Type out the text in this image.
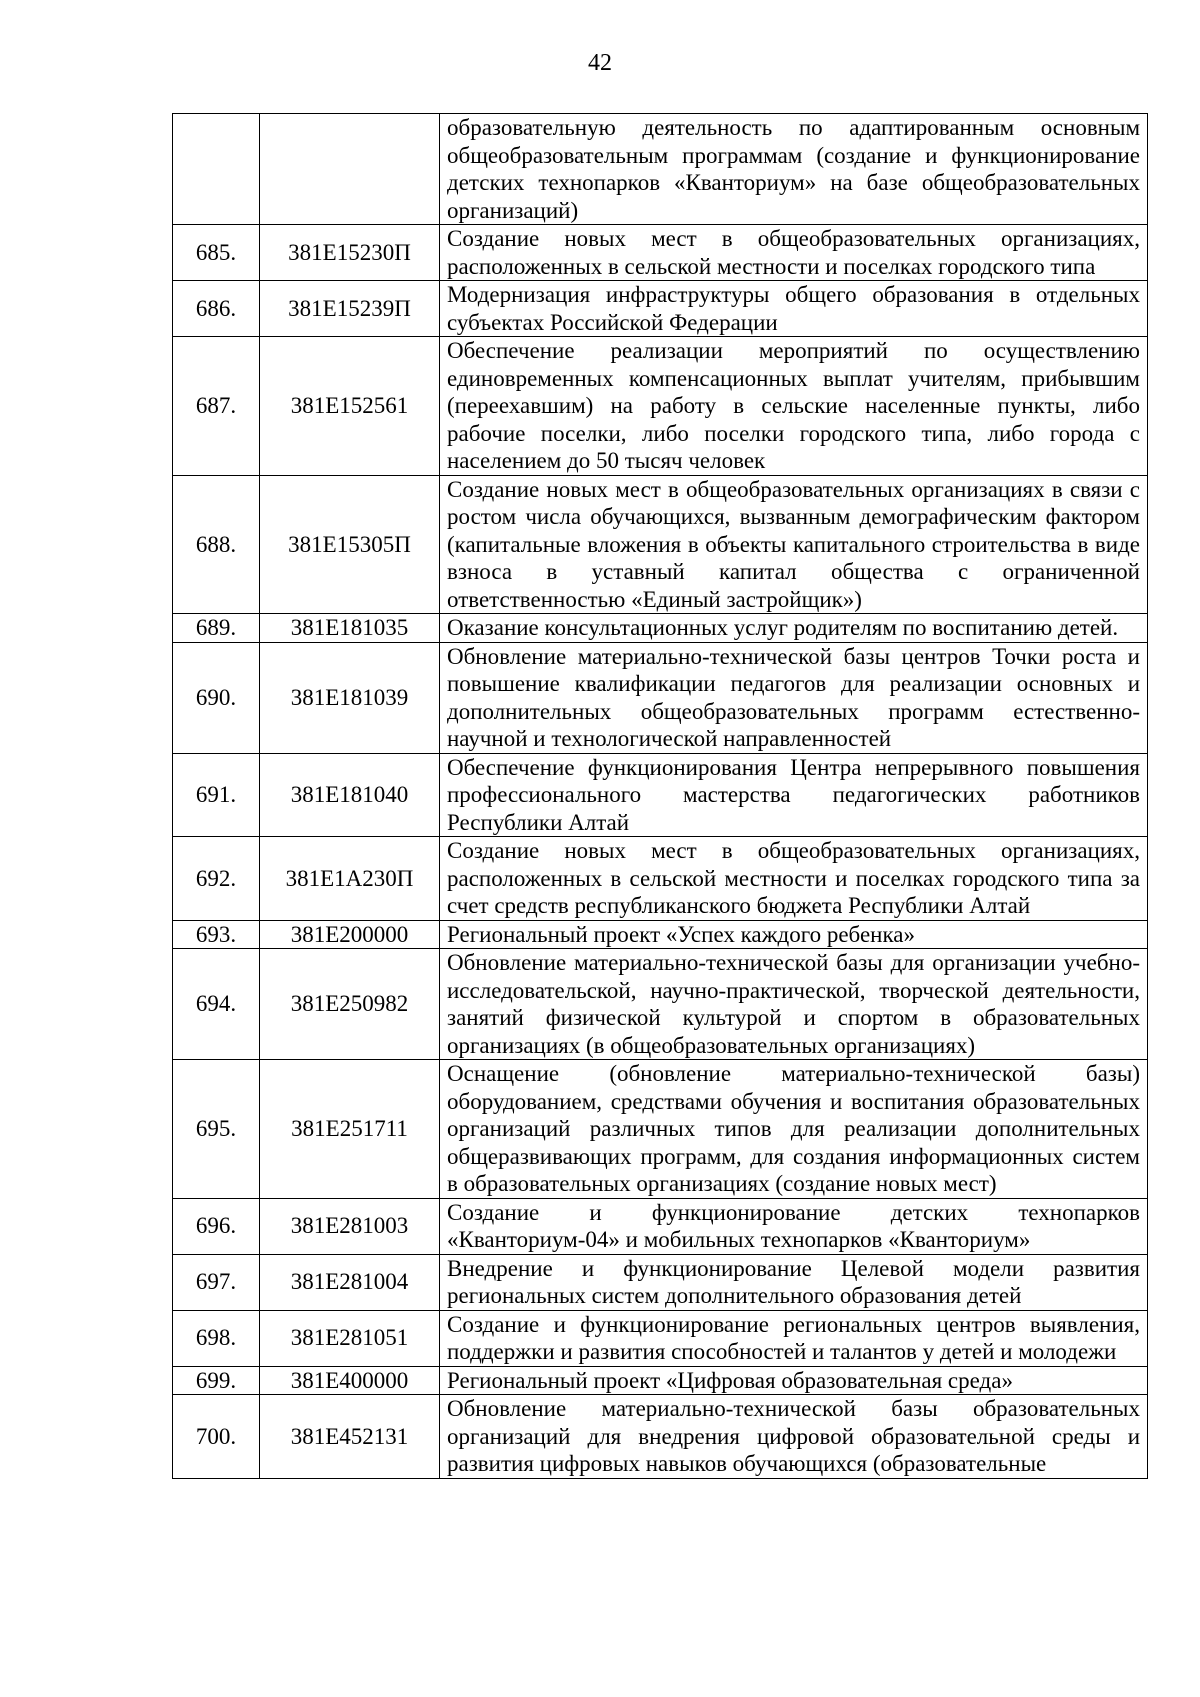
42
		образовательную деятельность по адаптированным основным общеобразовательным программам (создание и функционирование детских технопарков «Кванториум» на базе общеобразовательных организаций)
685.	381E15230П	Создание новых мест в общеобразовательных организациях, расположенных в сельской местности и поселках городского типа
686.	381E15239П	Модернизация инфраструктуры общего образования в отдельных субъектах Российской Федерации
687.	381E152561	Обеспечение реализации мероприятий по осуществлению единовременных компенсационных выплат учителям, прибывшим (переехавшим) на работу в сельские населенные пункты, либо рабочие поселки, либо поселки городского типа, либо города с населением до 50 тысяч человек
688.	381E15305П	Создание новых мест в общеобразовательных организациях в связи с ростом числа обучающихся, вызванным демографическим фактором (капитальные вложения в объекты капитального строительства в виде взноса в уставный капитал общества с ограниченной ответственностью «Единый застройщик»)
689.	381E181035	Оказание консультационных услуг родителям по воспитанию детей.
690.	381E181039	Обновление материально-технической базы центров Точки роста и повышение квалификации педагогов для реализации основных и дополнительных общеобразовательных программ естественно-научной и технологической направленностей
691.	381E181040	Обеспечение функционирования Центра непрерывного повышения профессионального мастерства педагогических работников Республики Алтай
692.	381E1A230П	Создание новых мест в общеобразовательных организациях, расположенных в сельской местности и поселках городского типа за счет средств республиканского бюджета Республики Алтай
693.	381E200000	Региональный проект «Успех каждого ребенка»
694.	381E250982	Обновление материально-технической базы для организации учебно-исследовательской, научно-практической, творческой деятельности, занятий физической культурой и спортом в образовательных организациях (в общеобразовательных организациях)
695.	381E251711	Оснащение (обновление материально-технической базы) оборудованием, средствами обучения и воспитания образовательных организаций различных типов для реализации дополнительных общеразвивающих программ, для создания информационных систем в образовательных организациях (создание новых мест)
696.	381E281003	Создание и функционирование детских технопарков «Кванториум-04» и мобильных технопарков «Кванториум»
697.	381E281004	Внедрение и функционирование Целевой модели развития региональных систем дополнительного образования детей
698.	381E281051	Создание и функционирование региональных центров выявления, поддержки и развития способностей и талантов у детей и молодежи
699.	381E400000	Региональный проект «Цифровая образовательная среда»
700.	381E452131	Обновление материально-технической базы образовательных организаций для внедрения цифровой образовательной среды и развития цифровых навыков обучающихся (образовательные
